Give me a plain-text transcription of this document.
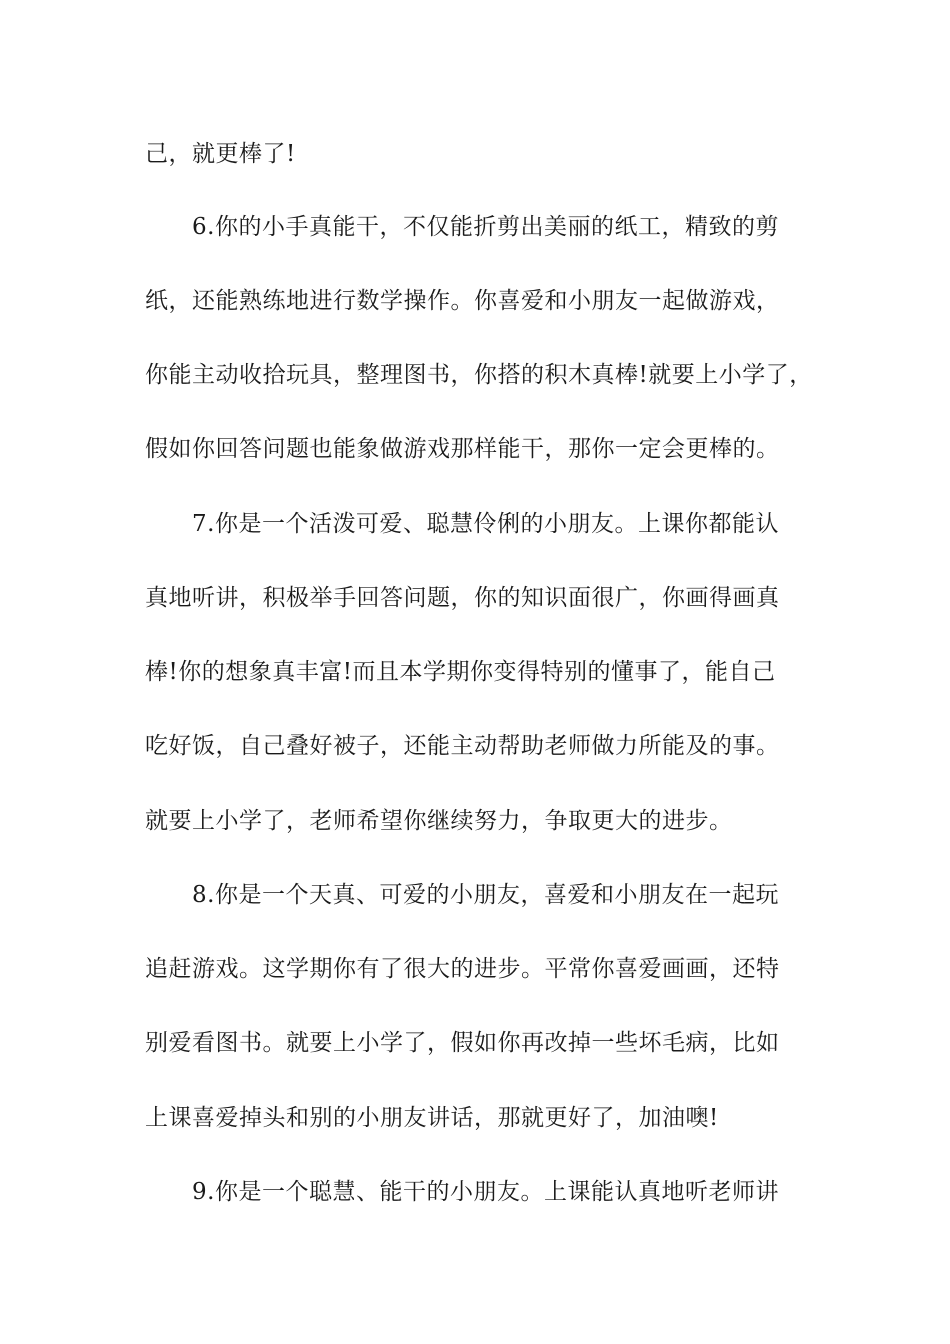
己，就更棒了!
6.你的小手真能干，不仅能折剪出美丽的纸工，精致的剪
纸，还能熟练地进行数学操作。你喜爱和小朋友一起做游戏，
你能主动收拾玩具，整理图书，你搭的积木真棒!就要上小学了，
假如你回答问题也能象做游戏那样能干，那你一定会更棒的。
7.你是一个活泼可爱、聪慧伶俐的小朋友。上课你都能认
真地听讲，积极举手回答问题，你的知识面很广，你画得画真
棒!你的想象真丰富!而且本学期你变得特别的懂事了，能自己
吃好饭，自己叠好被子，还能主动帮助老师做力所能及的事。
就要上小学了，老师希望你继续努力，争取更大的进步。
8.你是一个天真、可爱的小朋友，喜爱和小朋友在一起玩
追赶游戏。这学期你有了很大的进步。平常你喜爱画画，还特
别爱看图书。就要上小学了，假如你再改掉一些坏毛病，比如
上课喜爱掉头和别的小朋友讲话，那就更好了，加油噢!
9.你是一个聪慧、能干的小朋友。上课能认真地听老师讲
